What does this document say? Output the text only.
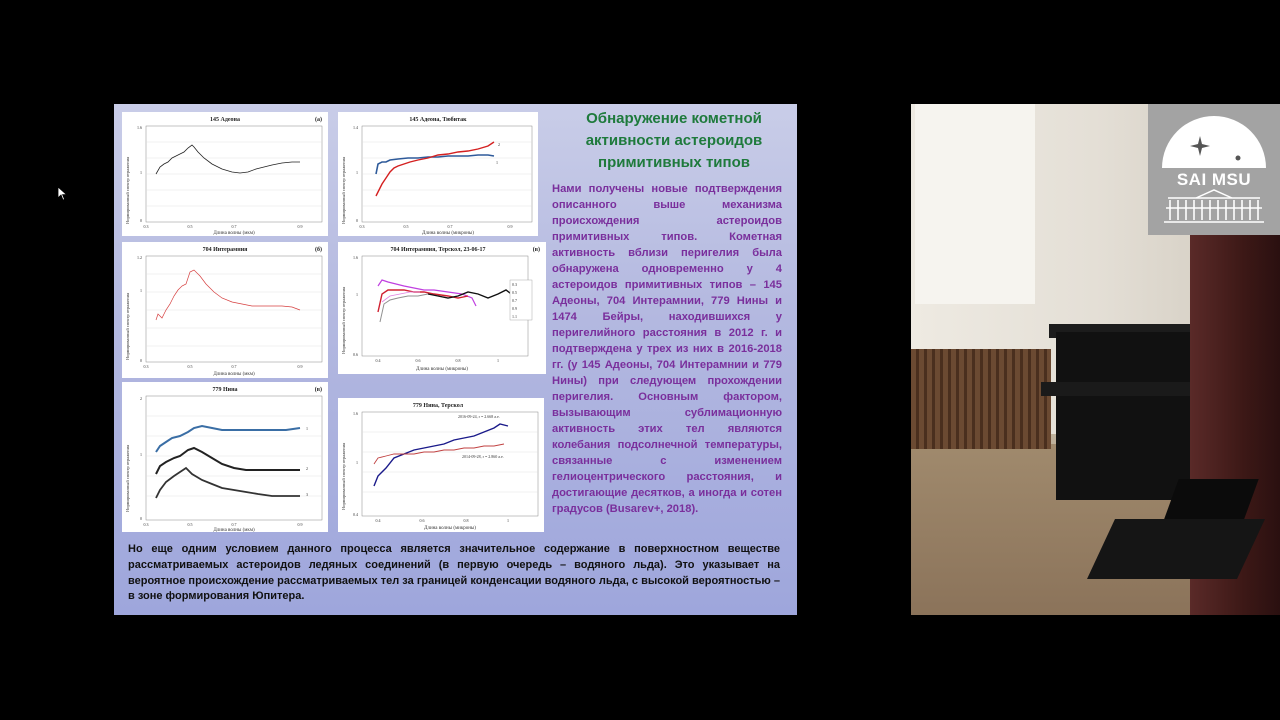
145 Адеона	(а)
1.6
1
0
0.3	0.5	0.7	0.9
Длина волны (мкм)
Нормированный спектр отражения
145 Адеона, Тюбитак
2
1
1.4
1
0
0.3	0.5	0.7	0.9
Длина волны (микроны)
Нормированный спектр отражения
704 Интерамния	(б)
1.2
1
0
0.3	0.5	0.7	0.9
Длина волны (мкм)
Нормированный спектр отражения
704 Интерамния, Терскол, 23-06-17	(в)
0.3
0.5
0.7
0.9
1.1
1.6
1
0.6
0.4	0.6	0.8	1
Длина волны (микроны)
Нормированный спектр отражения
779 Нина	(в)
1
2
3
2
1
0
0.3	0.5	0.7	0.9
Длина волны (мкм)
Нормированный спектр отражения
779 Нина, Терскол
2016-09-24, r = 2.668 а.е.
2014-09-28, r = 2.860 а.е.
1.6
1
0.4
0.4	0.6	0.8	1
Длина волны (микроны)
Нормированный спектр отражения
Обнаружение кометной
активности астероидов
примитивных типов
Нами получены новые подтверждения описанного выше механизма происхождения астероидов примитивных типов. Кометная активность вблизи перигелия была обнаружена одновременно у 4 астероидов примитивных типов – 145 Адеоны, 704 Интерамнии, 779 Нины и 1474 Бейры, находившихся у перигелийного расстояния в 2012 г. и подтверждена у трех из них в 2016-2018 гг. (у 145 Адеоны, 704 Интерамнии и 779 Нины) при следующем прохождении перигелия. Основным фактором, вызывающим сублимационную активность этих тел являются колебания подсолнечной температуры, связанные с изменением гелиоцентрического расстояния, и достигающие десятков, а иногда и сотен градусов (Busarev+, 2018).
Но еще одним условием данного процесса является значительное содержание в поверхностном веществе рассматриваемых астероидов ледяных соединений (в первую очередь – водяного льда). Это указывает на вероятное происхождение рассматриваемых тел за границей конденсации водяного льда, с высокой вероятностью – в зоне формирования Юпитера.
SAI MSU
